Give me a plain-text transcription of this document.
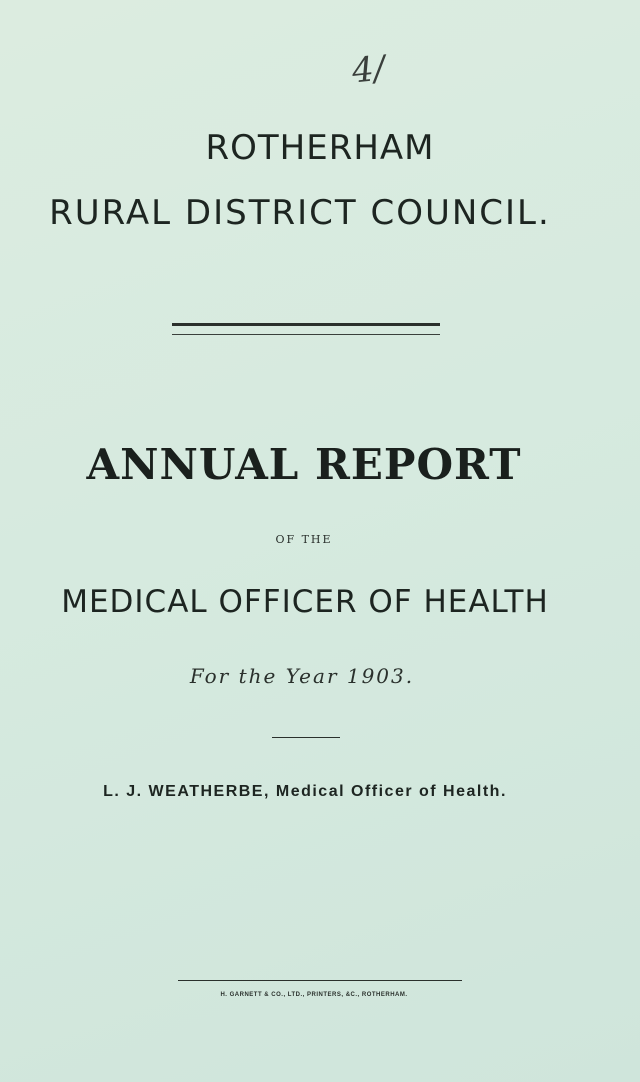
4/
ROTHERHAM
RURAL DISTRICT COUNCIL.
ANNUAL REPORT
OF THE
MEDICAL OFFICER OF HEALTH
For the Year 1903.
L. J. WEATHERBE, Medical Officer of Health.
H. GARNETT & CO., LTD., PRINTERS, &C., ROTHERHAM.
